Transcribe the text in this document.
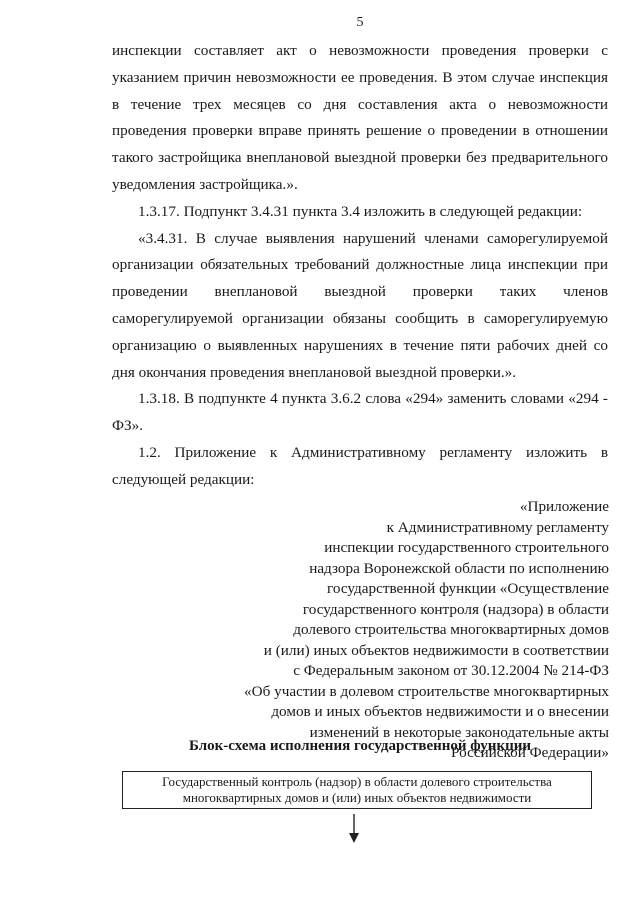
5

инспекции составляет акт о невозможности проведения проверки с указанием причин невозможности ее проведения. В этом случае инспекция в течение трех месяцев со дня составления акта о невозможности проведения проверки вправе принять решение о проведении в отношении такого застройщика внеплановой выездной проверки без предварительного уведомления застройщика.».

1.3.17. Подпункт 3.4.31 пункта 3.4 изложить в следующей редакции:

«3.4.31. В случае выявления нарушений членами саморегулируемой организации обязательных требований должностные лица инспекции при проведении внеплановой выездной проверки таких членов саморегулируемой организации обязаны сообщить в саморегулируемую организацию о выявленных нарушениях в течение пяти рабочих дней со дня окончания проведения внеплановой выездной проверки.».

1.3.18. В подпункте 4 пункта 3.6.2 слова «294» заменить словами «294 - ФЗ».

1.2. Приложение к Административному регламенту изложить в следующей редакции:

«Приложение
к Административному регламенту
инспекции государственного строительного
надзора Воронежской области по исполнению
государственной функции «Осуществление
государственного контроля (надзора) в области
долевого строительства многоквартирных домов
и (или) иных объектов недвижимости в соответствии
с Федеральным законом от 30.12.2004 № 214-ФЗ
«Об участии в долевом строительстве многоквартирных
домов и иных объектов недвижимости и о внесении
изменений в некоторые законодательные акты
Российской Федерации»
Блок-схема исполнения государственной функции
Государственный контроль (надзор) в области долевого строительства
многоквартирных домов и (или) иных объектов недвижимости
